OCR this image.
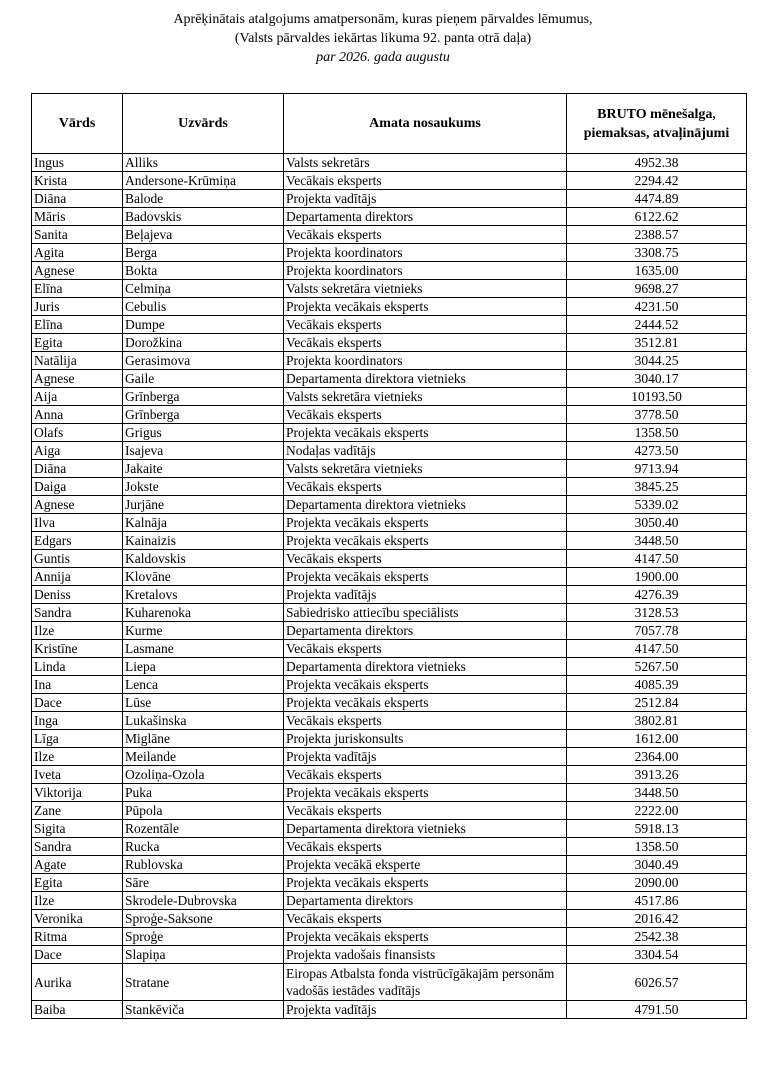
Aprēķinātais atalgojums amatpersonām, kuras pieņem pārvaldes lēmumus,
(Valsts pārvaldes iekārtas likuma 92. panta otrā daļa)
par 2026. gada augustu
Vārds	Uzvārds	Amata nosaukums	BRUTO mēnešalga, piemaksas, atvaļinājumi
Ingus	Alliks	Valsts sekretārs	4952.38
Krista	Andersone-Krūmiņa	Vecākais eksperts	2294.42
Diāna	Balode	Projekta vadītājs	4474.89
Māris	Badovskis	Departamenta direktors	6122.62
Sanita	Beļajeva	Vecākais eksperts	2388.57
Agita	Berga	Projekta koordinators	3308.75
Agnese	Bokta	Projekta koordinators	1635.00
Elīna	Celmiņa	Valsts sekretāra vietnieks	9698.27
Juris	Cebulis	Projekta vecākais eksperts	4231.50
Elīna	Dumpe	Vecākais eksperts	2444.52
Egita	Dorožkina	Vecākais eksperts	3512.81
Natālija	Gerasimova	Projekta koordinators	3044.25
Agnese	Gaile	Departamenta direktora vietnieks	3040.17
Aija	Grīnberga	Valsts sekretāra vietnieks	10193.50
Anna	Grīnberga	Vecākais eksperts	3778.50
Olafs	Grigus	Projekta vecākais eksperts	1358.50
Aiga	Isajeva	Nodaļas vadītājs	4273.50
Diāna	Jakaite	Valsts sekretāra vietnieks	9713.94
Daiga	Jokste	Vecākais eksperts	3845.25
Agnese	Jurjāne	Departamenta direktora vietnieks	5339.02
Ilva	Kalnāja	Projekta vecākais eksperts	3050.40
Edgars	Kainaizis	Projekta vecākais eksperts	3448.50
Guntis	Kaldovskis	Vecākais eksperts	4147.50
Annija	Klovāne	Projekta vecākais eksperts	1900.00
Deniss	Kretalovs	Projekta vadītājs	4276.39
Sandra	Kuharenoka	Sabiedrisko attiecību speciālists	3128.53
Ilze	Kurme	Departamenta direktors	7057.78
Kristīne	Lasmane	Vecākais eksperts	4147.50
Linda	Liepa	Departamenta direktora vietnieks	5267.50
Ina	Lenca	Projekta vecākais eksperts	4085.39
Dace	Lūse	Projekta vecākais eksperts	2512.84
Inga	Lukašinska	Vecākais eksperts	3802.81
Līga	Miglāne	Projekta juriskonsults	1612.00
Ilze	Meilande	Projekta vadītājs	2364.00
Iveta	Ozoliņa-Ozola	Vecākais eksperts	3913.26
Viktorija	Puka	Projekta vecākais eksperts	3448.50
Zane	Pūpola	Vecākais eksperts	2222.00
Sigita	Rozentāle	Departamenta direktora vietnieks	5918.13
Sandra	Rucka	Vecākais eksperts	1358.50
Agate	Rublovska	Projekta vecākā eksperte	3040.49
Egita	Sāre	Projekta vecākais eksperts	2090.00
Ilze	Skrodele-Dubrovska	Departamenta direktors	4517.86
Veronika	Sproģe-Saksone	Vecākais eksperts	2016.42
Ritma	Sproģe	Projekta vecākais eksperts	2542.38
Dace	Slapiņa	Projekta vadošais finansists	3304.54
Aurika	Stratane	Eiropas Atbalsta fonda vistrūcīgākajām personām vadošās iestādes vadītājs	6026.57
Baiba	Stankēviča	Projekta vadītājs	4791.50
